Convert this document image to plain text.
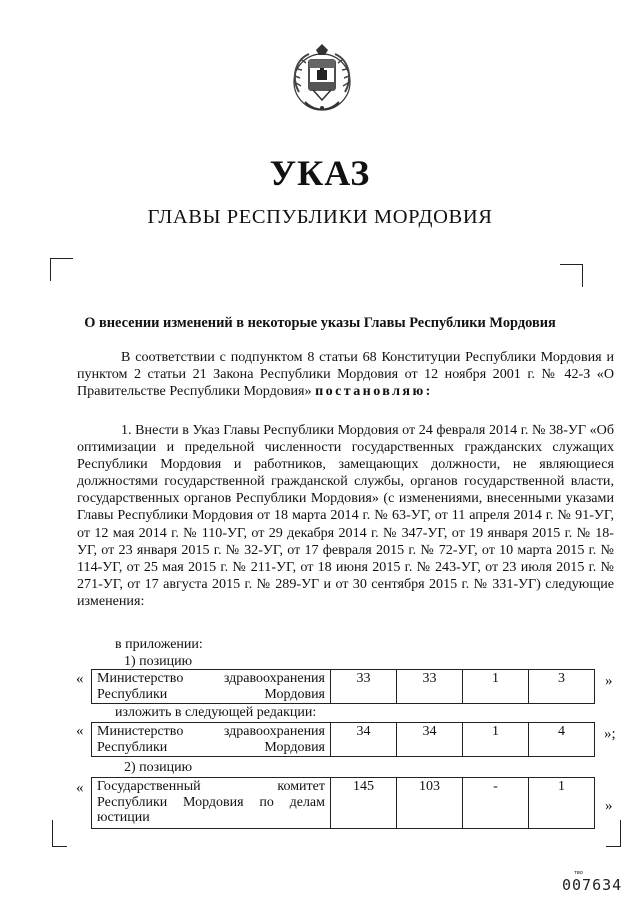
УКАЗ
ГЛАВЫ РЕСПУБЛИКИ МОРДОВИЯ
О внесении изменений в некоторые указы Главы Республики Мордовия

В соответствии с подпунктом 8 статьи 68 Конституции Республики Мордовия и пунктом 2 статьи 21 Закона Республики Мордовия от 12 ноября 2001 г. № 42-З «О Правительстве Республики Мордовия» постановляю:

1. Внести в Указ Главы Республики Мордовия от 24 февраля 2014 г. № 38-УГ «Об оптимизации и предельной численности государственных гражданских служащих Республики Мордовия и работников, замещающих должности, не являющиеся должностями государственной гражданской службы, органов государственной власти, государственных органов Республики Мордовия» (с изменениями, внесенными указами Главы Республики Мордовия от 18 марта 2014 г. № 63-УГ, от 11 апреля 2014 г. № 91-УГ, от 12 мая 2014 г. № 110-УГ, от 29 декабря 2014 г. № 347-УГ, от 19 января 2015 г. № 18-УГ, от 23 января 2015 г. № 32-УГ, от 17 февраля 2015 г. № 72-УГ, от 10 марта 2015 г. № 114-УГ, от 25 мая 2015 г. № 211-УГ, от 18 июня 2015 г. № 243-УГ, от 23 июля 2015 г. № 271-УГ, от 17 августа 2015 г. № 289-УГ и от 30 сентября 2015 г. № 331-УГ) следующие изменения:

в приложении:
1) позицию
« Министерство здравоохранения Республики Мордовия	33	33	1	3	»
изложить в следующей редакции:
« Министерство здравоохранения Республики Мордовия	34	34	1	4	»;
2) позицию
« Государственный комитет Республики Мордовия по делам юстиции	145	103	-	1
»
тво
007634
